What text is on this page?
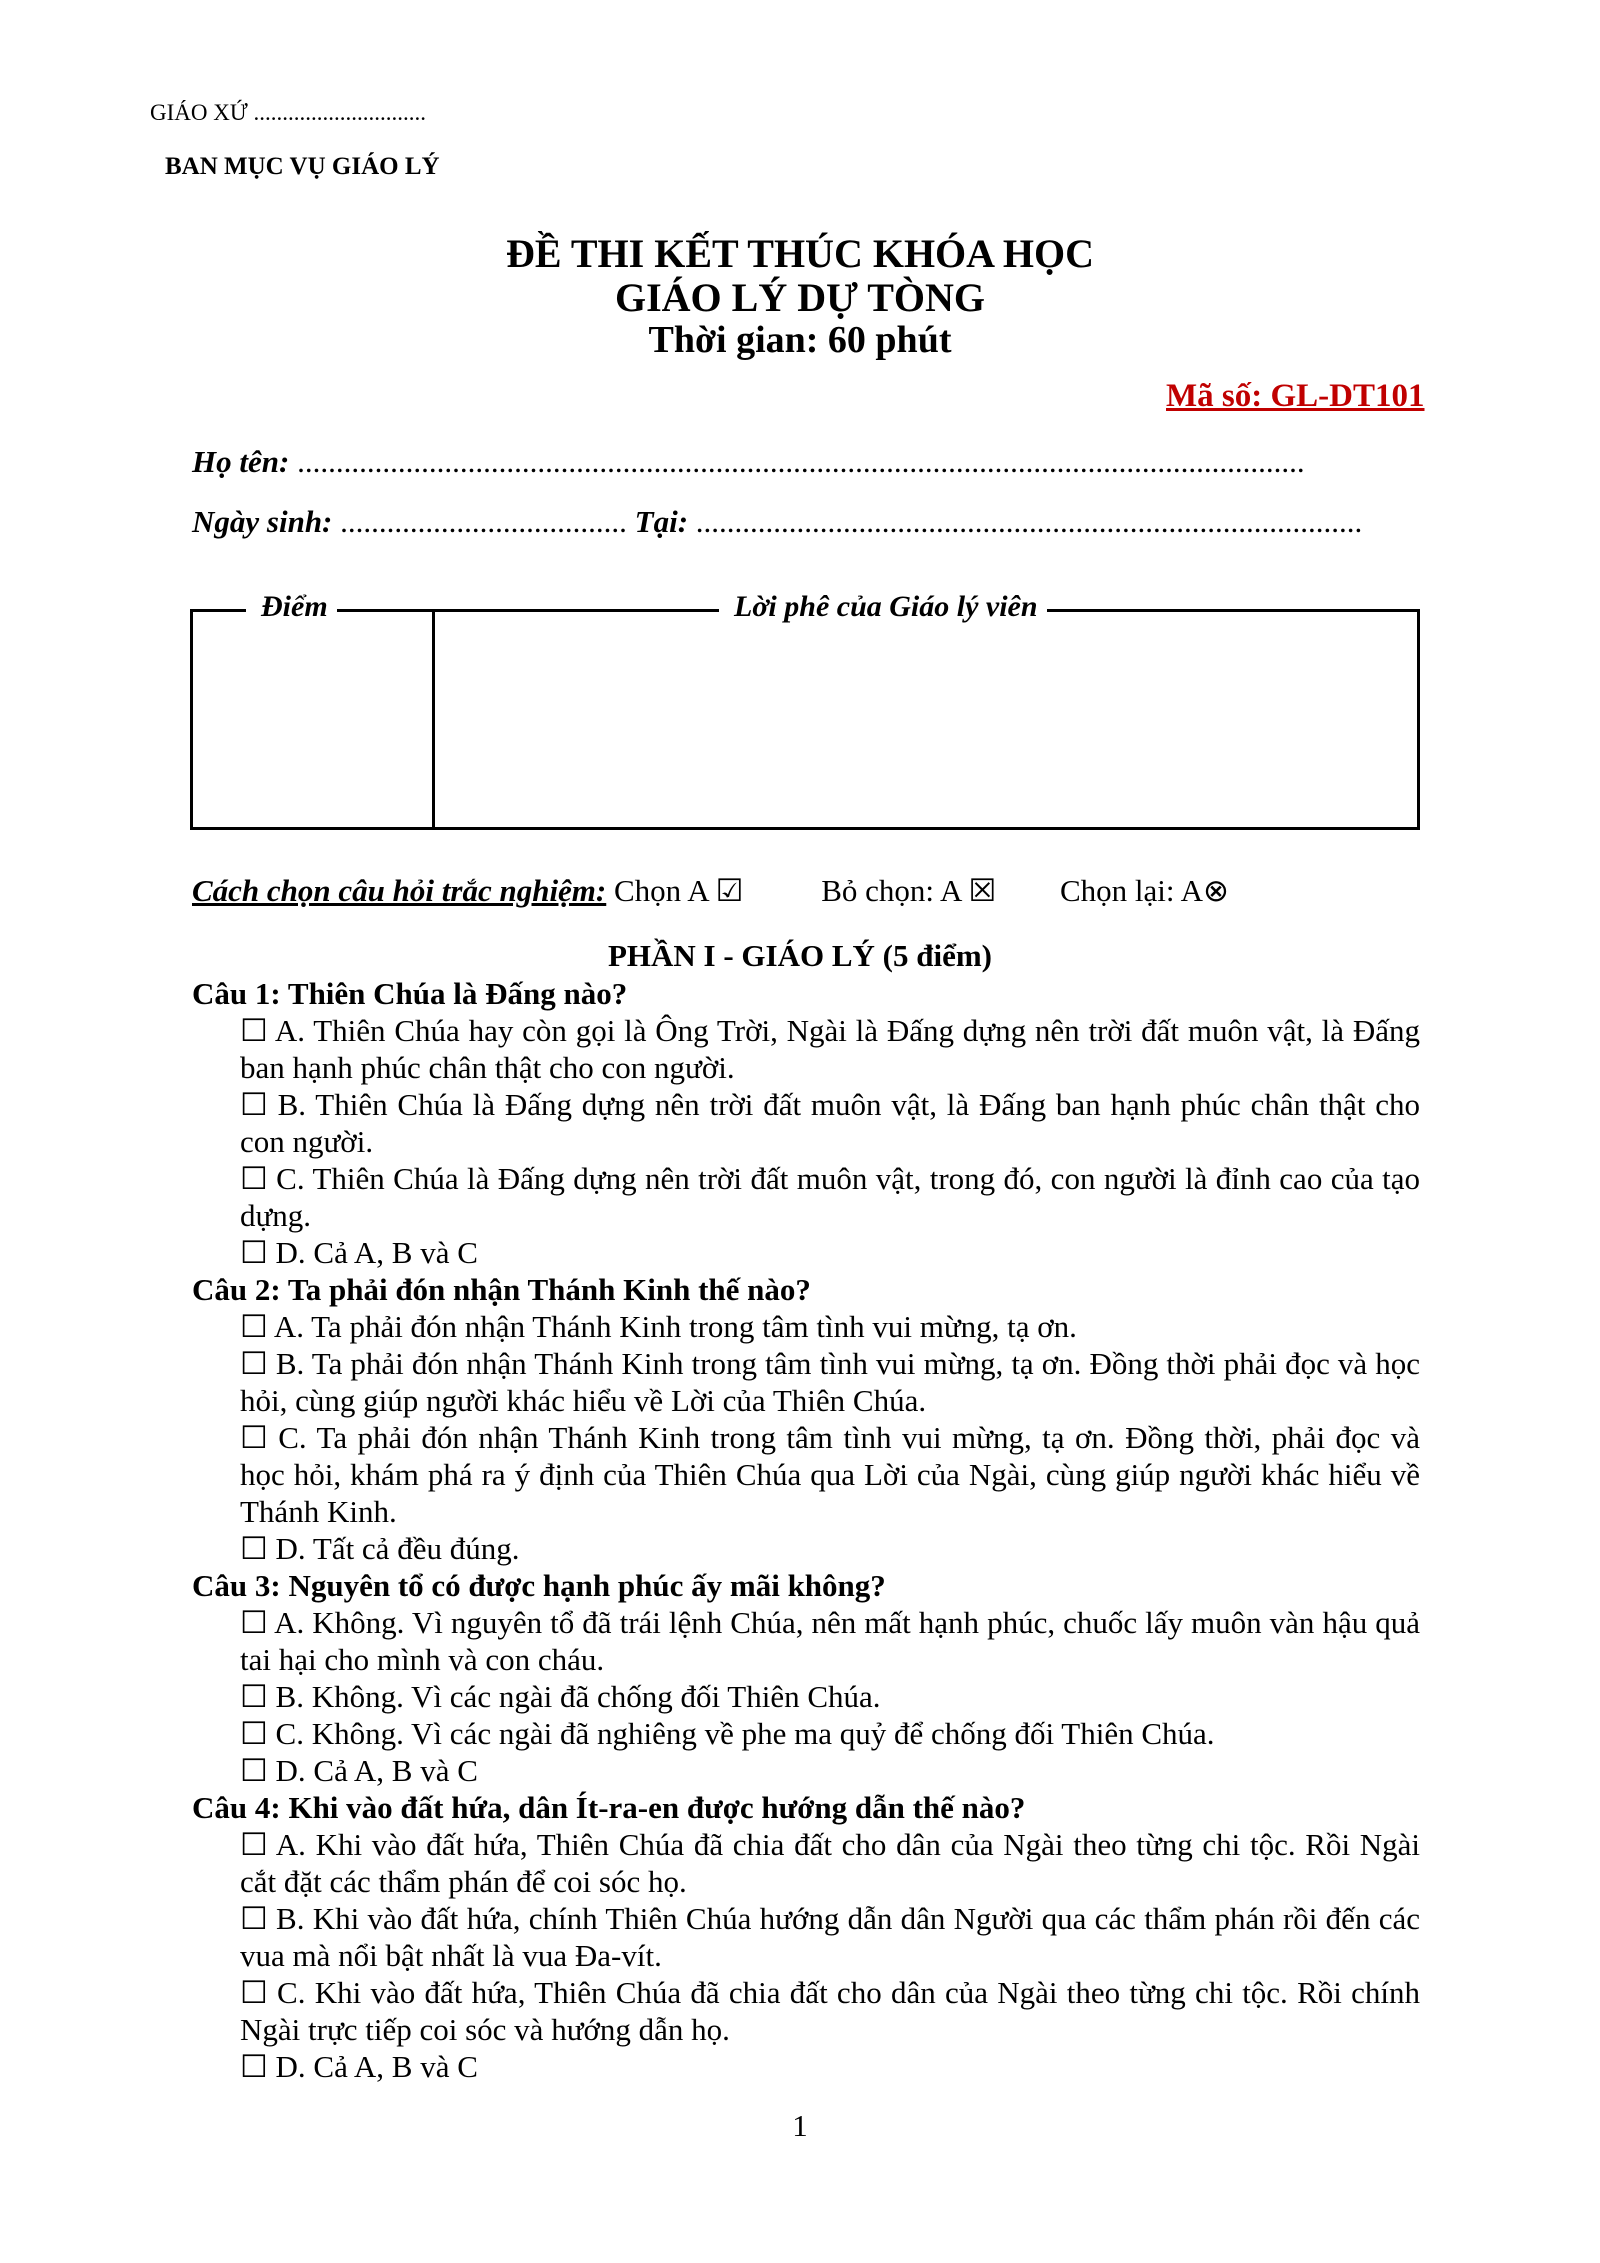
GIÁO XỨ ..............................
BAN MỤC VỤ GIÁO LÝ
ĐỀ THI KẾT THÚC KHÓA HỌC
GIÁO LÝ DỰ TÒNG
Thời gian: 60 phút
Mã số: GL-DT101
Họ tên: ..................................................................................................................................
Ngày sinh: ..................................... Tại: ......................................................................................
Điểm	Lời phê của Giáo lý viên
Cách chọn câu hỏi trắc nghiệm: Chọn A ☑	Bỏ chọn: A ☒ Chọn lại: A⊗
PHẦN I - GIÁO LÝ (5 điểm)
Câu 1: Thiên Chúa là Đấng nào?
☐ A. Thiên Chúa hay còn gọi là Ông Trời, Ngài là Đấng dựng nên trời đất muôn vật, là Đấng ban hạnh phúc chân thật cho con người.
☐ B. Thiên Chúa là Đấng dựng nên trời đất muôn vật, là Đấng ban hạnh phúc chân thật cho con người.
☐ C. Thiên Chúa là Đấng dựng nên trời đất muôn vật, trong đó, con người là đỉnh cao của tạo dựng.
☐ D. Cả A, B và C
Câu 2: Ta phải đón nhận Thánh Kinh thế nào?
☐ A. Ta phải đón nhận Thánh Kinh trong tâm tình vui mừng, tạ ơn.
☐ B. Ta phải đón nhận Thánh Kinh trong tâm tình vui mừng, tạ ơn. Đồng thời phải đọc và học hỏi, cùng giúp người khác hiểu về Lời của Thiên Chúa.
☐ C. Ta phải đón nhận Thánh Kinh trong tâm tình vui mừng, tạ ơn. Đồng thời, phải đọc và học hỏi, khám phá ra ý định của Thiên Chúa qua Lời của Ngài, cùng giúp người khác hiểu về Thánh Kinh.
☐ D. Tất cả đều đúng.
Câu 3: Nguyên tổ có được hạnh phúc ấy mãi không?
☐ A. Không. Vì nguyên tổ đã trái lệnh Chúa, nên mất hạnh phúc, chuốc lấy muôn vàn hậu quả tai hại cho mình và con cháu.
☐ B. Không. Vì các ngài đã chống đối Thiên Chúa.
☐ C. Không. Vì các ngài đã nghiêng về phe ma quỷ để chống đối Thiên Chúa.
☐ D. Cả A, B và C
Câu 4: Khi vào đất hứa, dân Ít-ra-en được hướng dẫn thế nào?
☐ A. Khi vào đất hứa, Thiên Chúa đã chia đất cho dân của Ngài theo từng chi tộc. Rồi Ngài cắt đặt các thẩm phán để coi sóc họ.
☐ B. Khi vào đất hứa, chính Thiên Chúa hướng dẫn dân Người qua các thẩm phán rồi đến các vua mà nổi bật nhất là vua Đa-vít.
☐ C. Khi vào đất hứa, Thiên Chúa đã chia đất cho dân của Ngài theo từng chi tộc. Rồi chính Ngài trực tiếp coi sóc và hướng dẫn họ.
☐ D. Cả A, B và C
1
